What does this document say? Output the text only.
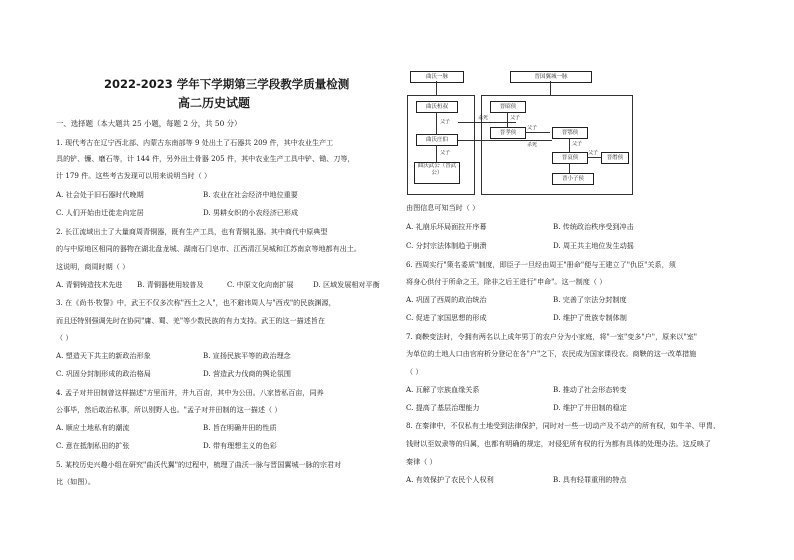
2022-2023 学年下学期第三学段教学质量检测
高二历史试题
一、选择题（本大题共 25 小题，每题 2 分，共 50 分）
1. 现代考古在辽宁西北部、内蒙古东南部等 9 处出土了石器共 209 件，其中农业生产工
具的铲、镰、磨石等，计 144 件，另外出土骨器 205 件，其中农业生产工具中铲、锄、刀等，
计 179 件。这些考古发现可以用来说明当时（ ）
A. 社会处于旧石器时代晚期	B. 农业在社会经济中地位重要
C. 人们开始由迁徙走向定居	D. 男耕女织的小农经济已形成
2. 长江流域出土了大量商周青铜器，既有生产工具，也有青铜礼器。其中商代中原典型
的与中原地区相同的器物在湖北盘龙城、湖南石门皂市、江西清江吴城和江苏南京等地都有出土。
这说明，商周时期（ ）
A. 青铜铸造技术先进 B. 青铜器使用较普及	C. 中原文化向南扩展	D. 区域发展相对平衡
3. 在《尚书·牧誓》中，武王不仅多次称"西土之人"，也不避讳周人与"西戎"的民族渊源，
而且还特别强调先时在协同"庸、蜀、羌"等少数民族的有力支持。武王的这一描述旨在
（ ）
A. 塑造天下共主的新政治形象	B. 宣扬民族平等的政治理念
C. 巩固分封制形成的政治格局	D. 营造武力伐商的舆论氛围
4. 孟子对井田制曾这样描述"方里而井，井九百亩，其中为公田。八家皆私百亩，同养
公事毕，然后敢治私事，所以别野人也。"孟子对井田制的这一描述（ ）
A. 顺应土地私有的潮流	B. 旨在明确井田的性质
C. 意在抵制私田的扩张	D. 带有理想主义的色彩
5. 某校历史兴趣小组在研究"曲沃代翼"的过程中，梳理了曲沃一脉与晋国翼城一脉的宗君对
比（如图）。
曲沃一脉	晋国翼城一脉
曲沃桓叔
父子
曲沃庄伯
父子
曲沃武公（晋武公）
晋昭侯
父子
晋孝侯
父子
晋鄂侯
父子
晋哀侯
晋小子侯
父子
晋缗侯
杀死
杀死
由图信息可知当时（ ）
A. 礼崩乐坏局面拉开序幕	B. 传统政治秩序受到冲击
C. 分封宗法体制趋于崩溃	D. 周王共主地位发生动摇
6. 西周实行"策名委质"制度，即臣子一旦经由周王"册命"便与王建立了"仇臣"关系，须
将身心供付于所命之王，除非之后王进行"申命"。这一制度（ ）
A. 巩固了西周的政治统治	B. 完善了宗法分封制度
C. 促进了家国思想的形成	D. 维护了贵族专制体制
7. 商鞅变法时，令拥有两名以上成年男丁的农户分为小家庭，将"一室"变多"户"，原来以"室"
为单位的土地人口由官府析分登记在各"户"之下，农民成为国家课役农。商鞅的这一改革措施
（ ）
A. 瓦解了宗族血缘关系	B. 推动了社会形态转变
C. 提高了基层治理能力	D. 维护了井田制的稳定
8. 在秦律中，不仅私有土地受到法律保护，同时对一些一切动产及不动产的所有权，如牛羊、甲冑、
钱财以至奴隶等的归属，也都有明确的规定，对侵犯所有权的行为都有具体的处理办法。这反映了
秦律（ ）
A. 有效保护了农民个人权利	B. 具有轻罪重刑的特点
